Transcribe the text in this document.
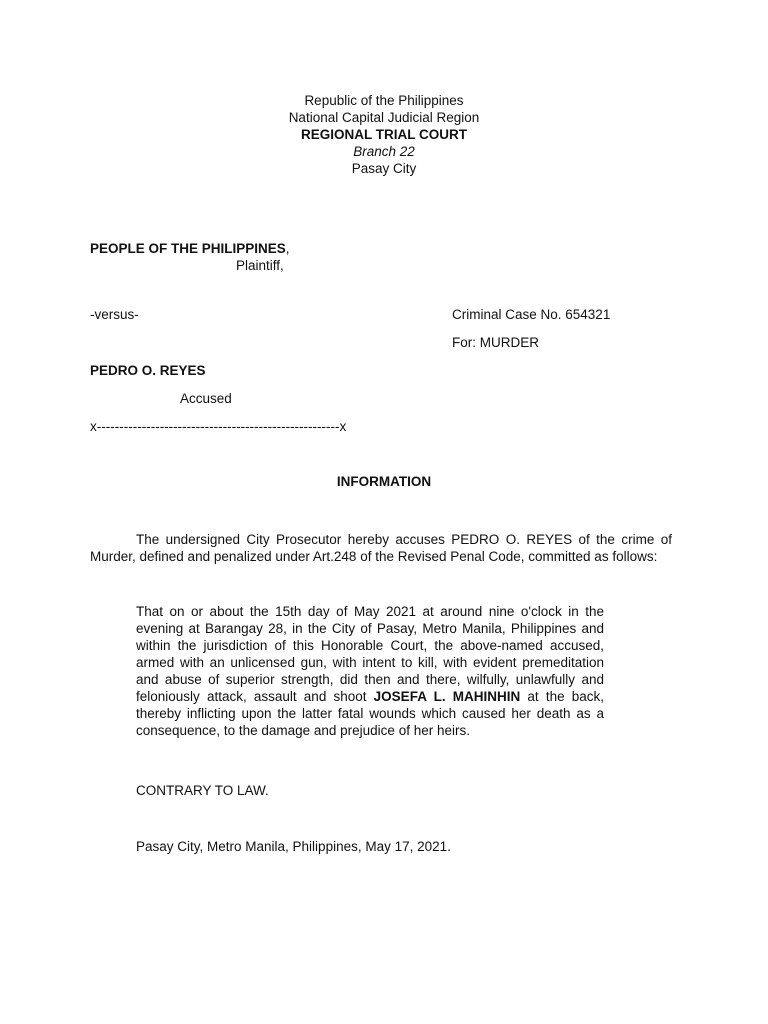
Republic of the Philippines
National Capital Judicial Region
REGIONAL TRIAL COURT
Branch 22
Pasay City
PEOPLE OF THE PHILIPPINES,
Plaintiff,
-versus-	Criminal Case No. 654321
For: MURDER
PEDRO O. REYES
Accused
x------------------------------------------------------x
INFORMATION
The undersigned City Prosecutor hereby accuses PEDRO O. REYES of the crime of Murder, defined and penalized under Art.248 of the Revised Penal Code, committed as follows:
That on or about the 15th day of May 2021 at around nine o'clock in the evening at Barangay 28, in the City of Pasay, Metro Manila, Philippines and within the jurisdiction of this Honorable Court, the above-named accused, armed with an unlicensed gun, with intent to kill, with evident premeditation and abuse of superior strength, did then and there, wilfully, unlawfully and feloniously attack, assault and shoot JOSEFA L. MAHINHIN at the back, thereby inflicting upon the latter fatal wounds which caused her death as a consequence, to the damage and prejudice of her heirs.
CONTRARY TO LAW.
Pasay City, Metro Manila, Philippines, May 17, 2021.
